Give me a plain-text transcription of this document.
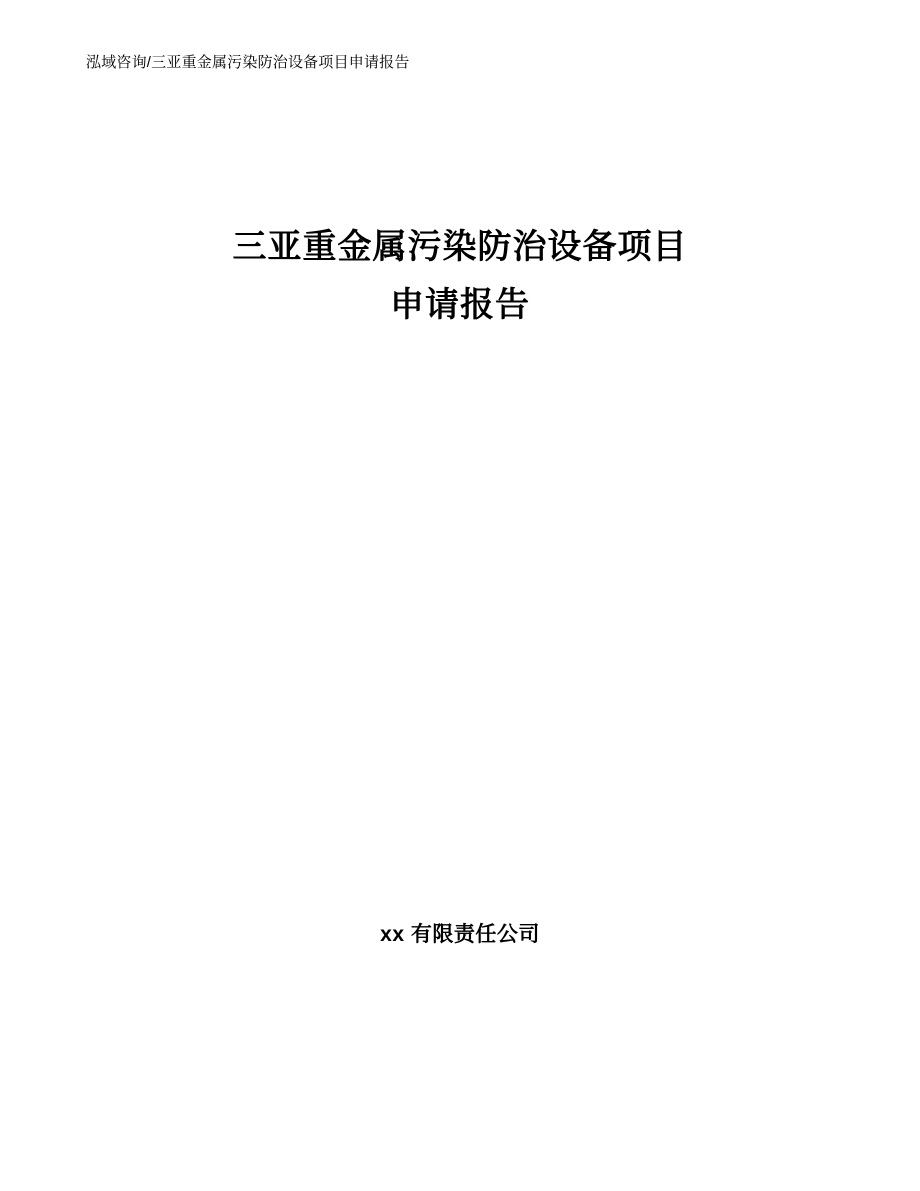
泓域咨询/三亚重金属污染防治设备项目申请报告
三亚重金属污染防治设备项目
申请报告
xx 有限责任公司
